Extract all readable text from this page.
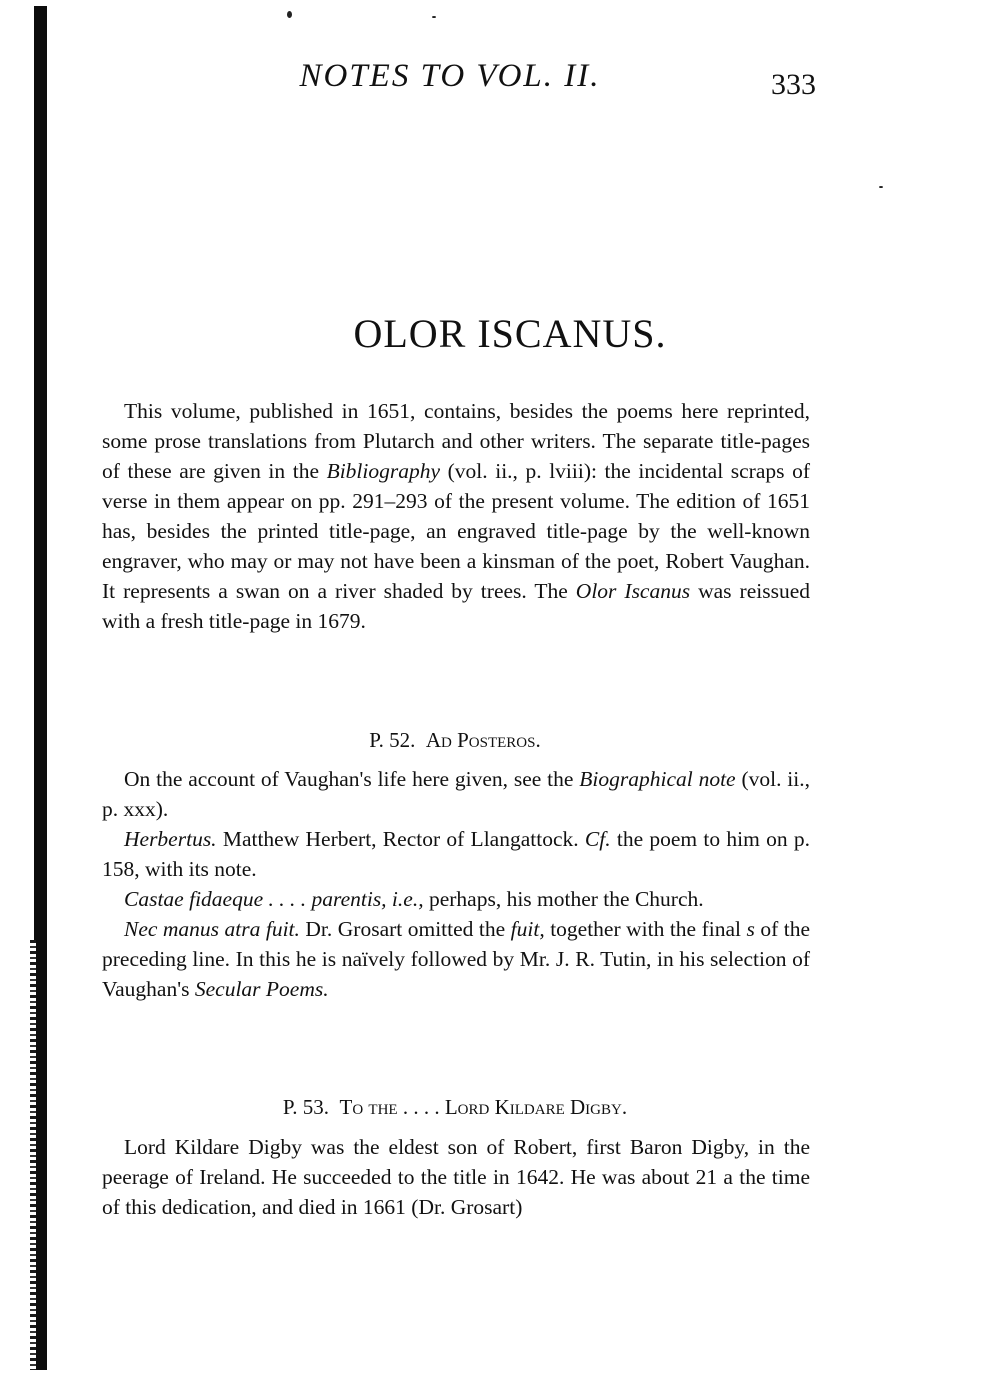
NOTES TO VOL. II.	333
OLOR ISCANUS.

This volume, published in 1651, contains, besides the poems here reprinted, some prose translations from Plutarch and other writers. The separate title-pages of these are given in the Bibliography (vol. ii., p. lviii): the incidental scraps of verse in them appear on pp. 291–293 of the present volume. The edition of 1651 has, besides the printed title-page, an engraved title-page by the well-known engraver, who may or may not have been a kinsman of the poet, Robert Vaughan. It represents a swan on a river shaded by trees. The Olor Iscanus was reissued with a fresh title-page in 1679.

P. 52. Ad Posteros.

On the account of Vaughan's life here given, see the Biographical note (vol. ii., p. xxx).

Herbertus. Matthew Herbert, Rector of Llangattock. Cf. the poem to him on p. 158, with its note.

Castae fidaeque . . . . parentis, i.e., perhaps, his mother the Church.

Nec manus atra fuit. Dr. Grosart omitted the fuit, together with the final s of the preceding line. In this he is naïvely followed by Mr. J. R. Tutin, in his selection of Vaughan's Secular Poems.

P. 53. To the . . . . Lord Kildare Digby.

Lord Kildare Digby was the eldest son of Robert, first Baron Digby, in the peerage of Ireland. He succeeded to the title in 1642. He was about 21 a the time of this dedication, and died in 1661 (Dr. Grosart)
